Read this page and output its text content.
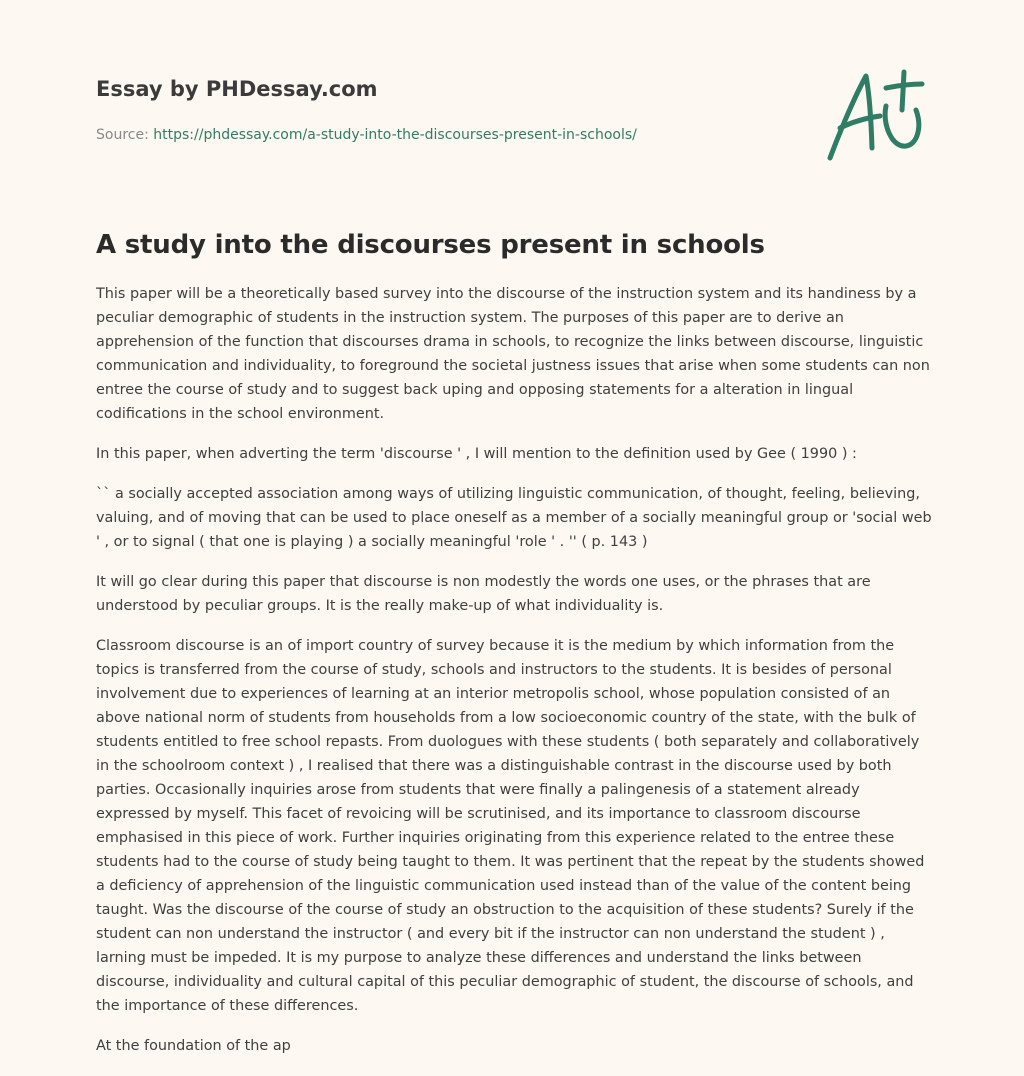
Essay by PHDessay.com
Source: https://phdessay.com/a-study-into-the-discourses-present-in-schools/
A study into the discourses present in schools

This paper will be a theoretically based survey into the discourse of the instruction system and its handiness by a peculiar demographic of students in the instruction system. The purposes of this paper are to derive an apprehension of the function that discourses drama in schools, to recognize the links between discourse, linguistic communication and individuality, to foreground the societal justness issues that arise when some students can non entree the course of study and to suggest back uping and opposing statements for a alteration in lingual codifications in the school environment.

In this paper, when adverting the term 'discourse ' , I will mention to the definition used by Gee ( 1990 ) :

`` a socially accepted association among ways of utilizing linguistic communication, of thought, feeling, believing, valuing, and of moving that can be used to place oneself as a member of a socially meaningful group or 'social web ' , or to signal ( that one is playing ) a socially meaningful 'role ' . '' ( p. 143 )

It will go clear during this paper that discourse is non modestly the words one uses, or the phrases that are understood by peculiar groups. It is the really make-up of what individuality is.

Classroom discourse is an of import country of survey because it is the medium by which information from the topics is transferred from the course of study, schools and instructors to the students. It is besides of personal involvement due to experiences of learning at an interior metropolis school, whose population consisted of an above national norm of students from households from a low socioeconomic country of the state, with the bulk of students entitled to free school repasts. From duologues with these students ( both separately and collaboratively in the schoolroom context ) , I realised that there was a distinguishable contrast in the discourse used by both parties. Occasionally inquiries arose from students that were finally a palingenesis of a statement already expressed by myself. This facet of revoicing will be scrutinised, and its importance to classroom discourse emphasised in this piece of work. Further inquiries originating from this experience related to the entree these students had to the course of study being taught to them. It was pertinent that the repeat by the students showed a deficiency of apprehension of the linguistic communication used instead than of the value of the content being taught. Was the discourse of the course of study an obstruction to the acquisition of these students? Surely if the student can non understand the instructor ( and every bit if the instructor can non understand the student ) , larning must be impeded. It is my purpose to analyze these differences and understand the links between discourse, individuality and cultural capital of this peculiar demographic of student, the discourse of schools, and the importance of these differences.

At the foundation of the ap
